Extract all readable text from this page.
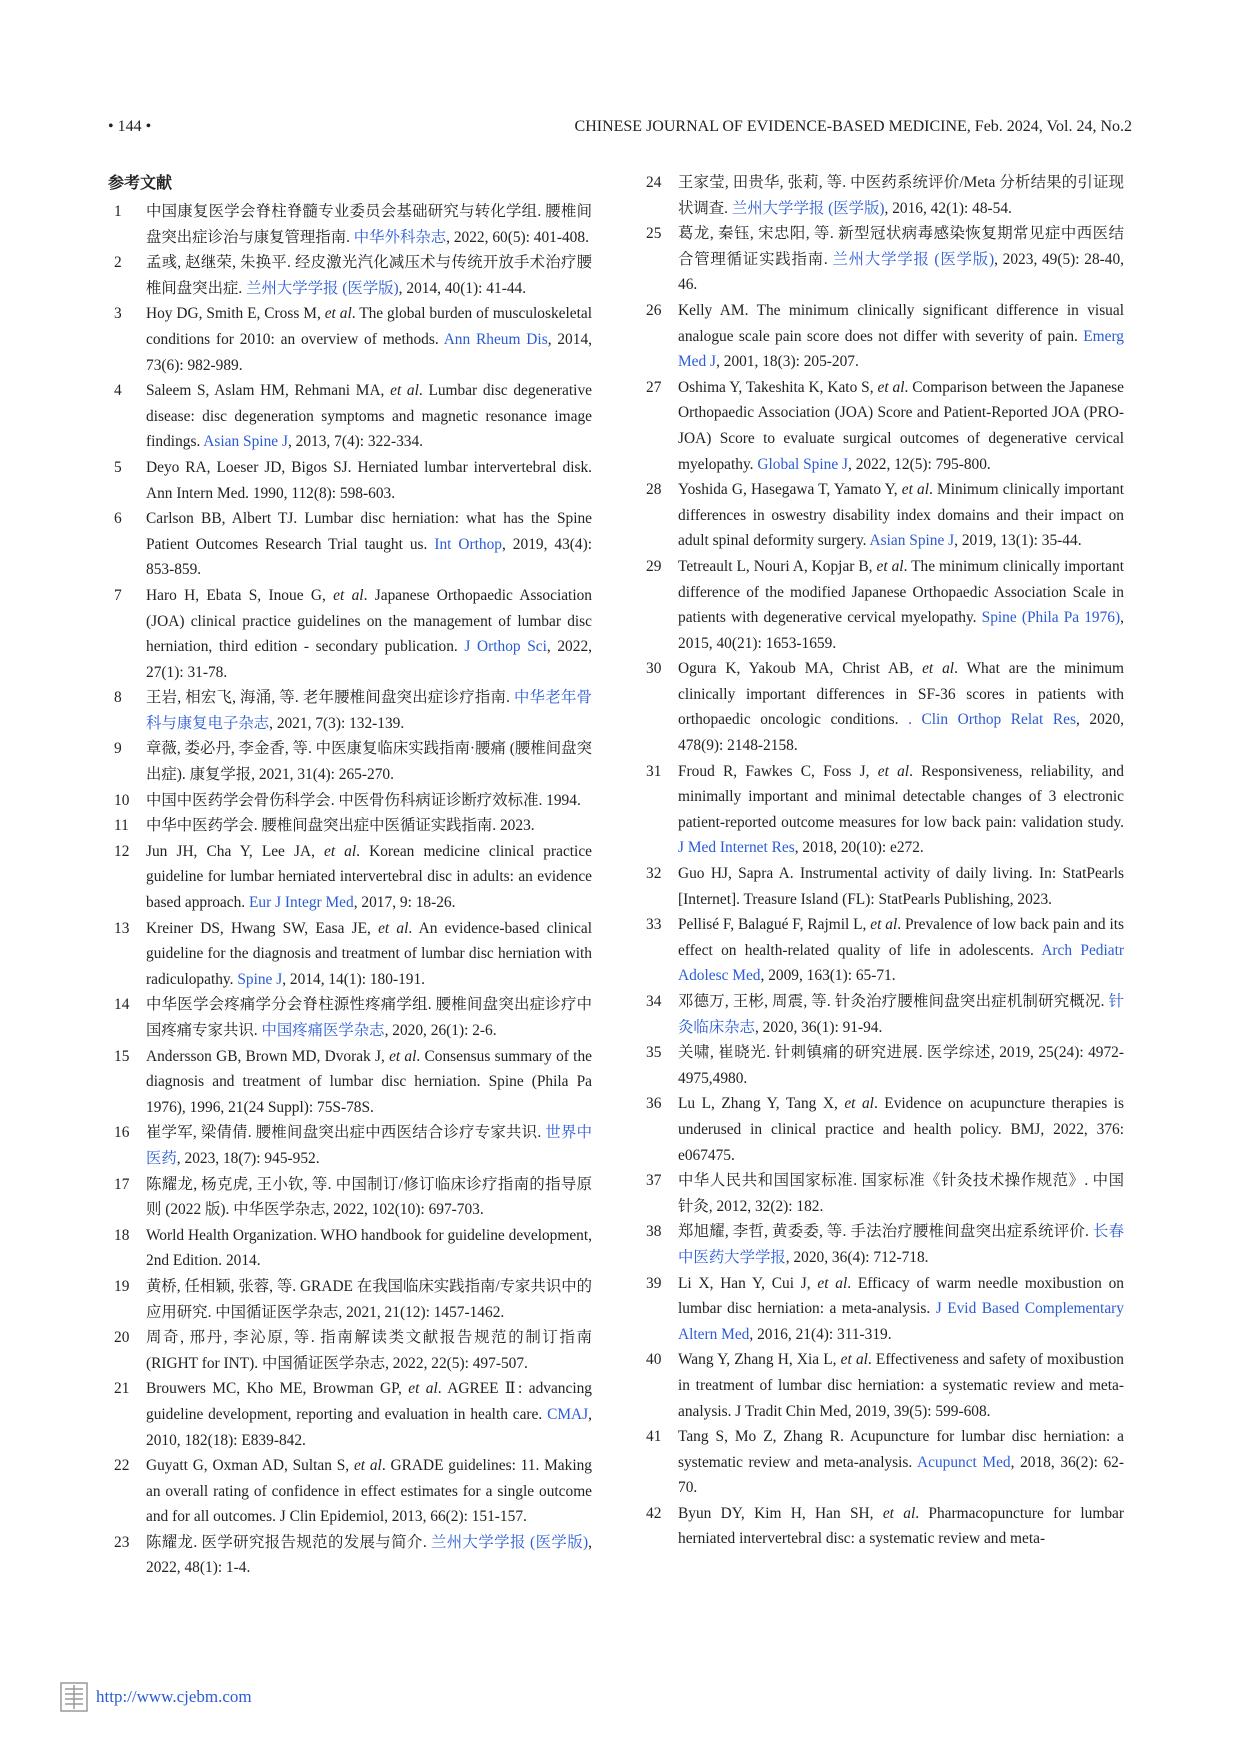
• 144 •	CHINESE JOURNAL OF EVIDENCE-BASED MEDICINE, Feb. 2024, Vol. 24, No.2
参考文献
1	中国康复医学会脊柱脊髓专业委员会基础研究与转化学组. 腰椎间盘突出症诊治与康复管理指南. 中华外科杂志, 2022, 60(5): 401-408.
2	孟彧, 赵继荣, 朱换平. 经皮激光汽化减压术与传统开放手术治疗腰椎间盘突出症. 兰州大学学报 (医学版), 2014, 40(1): 41-44.
3	Hoy DG, Smith E, Cross M, et al. The global burden of musculoskeletal conditions for 2010: an overview of methods. Ann Rheum Dis, 2014, 73(6): 982-989.
4	Saleem S, Aslam HM, Rehmani MA, et al. Lumbar disc degenerative disease: disc degeneration symptoms and magnetic resonance image findings. Asian Spine J, 2013, 7(4): 322-334.
5	Deyo RA, Loeser JD, Bigos SJ. Herniated lumbar intervertebral disk. Ann Intern Med. 1990, 112(8): 598-603.
6	Carlson BB, Albert TJ. Lumbar disc herniation: what has the Spine Patient Outcomes Research Trial taught us. Int Orthop, 2019, 43(4): 853-859.
7	Haro H, Ebata S, Inoue G, et al. Japanese Orthopaedic Association (JOA) clinical practice guidelines on the management of lumbar disc herniation, third edition - secondary publication. J Orthop Sci, 2022, 27(1): 31-78.
8	王岩, 相宏飞, 海涌, 等. 老年腰椎间盘突出症诊疗指南. 中华老年骨科与康复电子杂志, 2021, 7(3): 132-139.
9	章薇, 娄必丹, 李金香, 等. 中医康复临床实践指南·腰痛 (腰椎间盘突出症). 康复学报, 2021, 31(4): 265-270.
10	中国中医药学会骨伤科学会. 中医骨伤科病证诊断疗效标准. 1994.
11	中华中医药学会. 腰椎间盘突出症中医循证实践指南. 2023.
12	Jun JH, Cha Y, Lee JA, et al. Korean medicine clinical practice guideline for lumbar herniated intervertebral disc in adults: an evidence based approach. Eur J Integr Med, 2017, 9: 18-26.
13	Kreiner DS, Hwang SW, Easa JE, et al. An evidence-based clinical guideline for the diagnosis and treatment of lumbar disc herniation with radiculopathy. Spine J, 2014, 14(1): 180-191.
14	中华医学会疼痛学分会脊柱源性疼痛学组. 腰椎间盘突出症诊疗中国疼痛专家共识. 中国疼痛医学杂志, 2020, 26(1): 2-6.
15	Andersson GB, Brown MD, Dvorak J, et al. Consensus summary of the diagnosis and treatment of lumbar disc herniation. Spine (Phila Pa 1976), 1996, 21(24 Suppl): 75S-78S.
16	崔学军, 梁倩倩. 腰椎间盘突出症中西医结合诊疗专家共识. 世界中医药, 2023, 18(7): 945-952.
17	陈耀龙, 杨克虎, 王小钦, 等. 中国制订/修订临床诊疗指南的指导原则 (2022 版). 中华医学杂志, 2022, 102(10): 697-703.
18	World Health Organization. WHO handbook for guideline development, 2nd Edition. 2014.
19	黄桥, 任相颖, 张蓉, 等. GRADE 在我国临床实践指南/专家共识中的应用研究. 中国循证医学杂志, 2021, 21(12): 1457-1462.
20	周奇, 邢丹, 李沁原, 等. 指南解读类文献报告规范的制订指南 (RIGHT for INT). 中国循证医学杂志, 2022, 22(5): 497-507.
21	Brouwers MC, Kho ME, Browman GP, et al. AGREE Ⅱ: advancing guideline development, reporting and evaluation in health care. CMAJ, 2010, 182(18): E839-842.
22	Guyatt G, Oxman AD, Sultan S, et al. GRADE guidelines: 11. Making an overall rating of confidence in effect estimates for a single outcome and for all outcomes. J Clin Epidemiol, 2013, 66(2): 151-157.
23	陈耀龙. 医学研究报告规范的发展与简介. 兰州大学学报 (医学版), 2022, 48(1): 1-4.
24	王家莹, 田贵华, 张莉, 等. 中医药系统评价/Meta 分析结果的引证现状调查. 兰州大学学报 (医学版), 2016, 42(1): 48-54.
25	葛龙, 秦钰, 宋忠阳, 等. 新型冠状病毒感染恢复期常见症中西医结合管理循证实践指南. 兰州大学学报 (医学版), 2023, 49(5): 28-40, 46.
26	Kelly AM. The minimum clinically significant difference in visual analogue scale pain score does not differ with severity of pain. Emerg Med J, 2001, 18(3): 205-207.
27	Oshima Y, Takeshita K, Kato S, et al. Comparison between the Japanese Orthopaedic Association (JOA) Score and Patient-Reported JOA (PRO-JOA) Score to evaluate surgical outcomes of degenerative cervical myelopathy. Global Spine J, 2022, 12(5): 795-800.
28	Yoshida G, Hasegawa T, Yamato Y, et al. Minimum clinically important differences in oswestry disability index domains and their impact on adult spinal deformity surgery. Asian Spine J, 2019, 13(1): 35-44.
29	Tetreault L, Nouri A, Kopjar B, et al. The minimum clinically important difference of the modified Japanese Orthopaedic Association Scale in patients with degenerative cervical myelopathy. Spine (Phila Pa 1976), 2015, 40(21): 1653-1659.
30	Ogura K, Yakoub MA, Christ AB, et al. What are the minimum clinically important differences in SF-36 scores in patients with orthopaedic oncologic conditions. . Clin Orthop Relat Res, 2020, 478(9): 2148-2158.
31	Froud R, Fawkes C, Foss J, et al. Responsiveness, reliability, and minimally important and minimal detectable changes of 3 electronic patient-reported outcome measures for low back pain: validation study. J Med Internet Res, 2018, 20(10): e272.
32	Guo HJ, Sapra A. Instrumental activity of daily living. In: StatPearls [Internet]. Treasure Island (FL): StatPearls Publishing, 2023.
33	Pellisé F, Balagué F, Rajmil L, et al. Prevalence of low back pain and its effect on health-related quality of life in adolescents. Arch Pediatr Adolesc Med, 2009, 163(1): 65-71.
34	邓德万, 王彬, 周震, 等. 针灸治疗腰椎间盘突出症机制研究概况. 针灸临床杂志, 2020, 36(1): 91-94.
35	关啸, 崔晓光. 针刺镇痛的研究进展. 医学综述, 2019, 25(24): 4972-4975,4980.
36	Lu L, Zhang Y, Tang X, et al. Evidence on acupuncture therapies is underused in clinical practice and health policy. BMJ, 2022, 376: e067475.
37	中华人民共和国国家标准. 国家标准《针灸技术操作规范》. 中国针灸, 2012, 32(2): 182.
38	郑旭耀, 李哲, 黄委委, 等. 手法治疗腰椎间盘突出症系统评价. 长春中医药大学学报, 2020, 36(4): 712-718.
39	Li X, Han Y, Cui J, et al. Efficacy of warm needle moxibustion on lumbar disc herniation: a meta-analysis. J Evid Based Complementary Altern Med, 2016, 21(4): 311-319.
40	Wang Y, Zhang H, Xia L, et al. Effectiveness and safety of moxibustion in treatment of lumbar disc herniation: a systematic review and meta-analysis. J Tradit Chin Med, 2019, 39(5): 599-608.
41	Tang S, Mo Z, Zhang R. Acupuncture for lumbar disc herniation: a systematic review and meta-analysis. Acupunct Med, 2018, 36(2): 62-70.
42	Byun DY, Kim H, Han SH, et al. Pharmacopuncture for lumbar herniated intervertebral disc: a systematic review and meta-
http://www.cjebm.com
